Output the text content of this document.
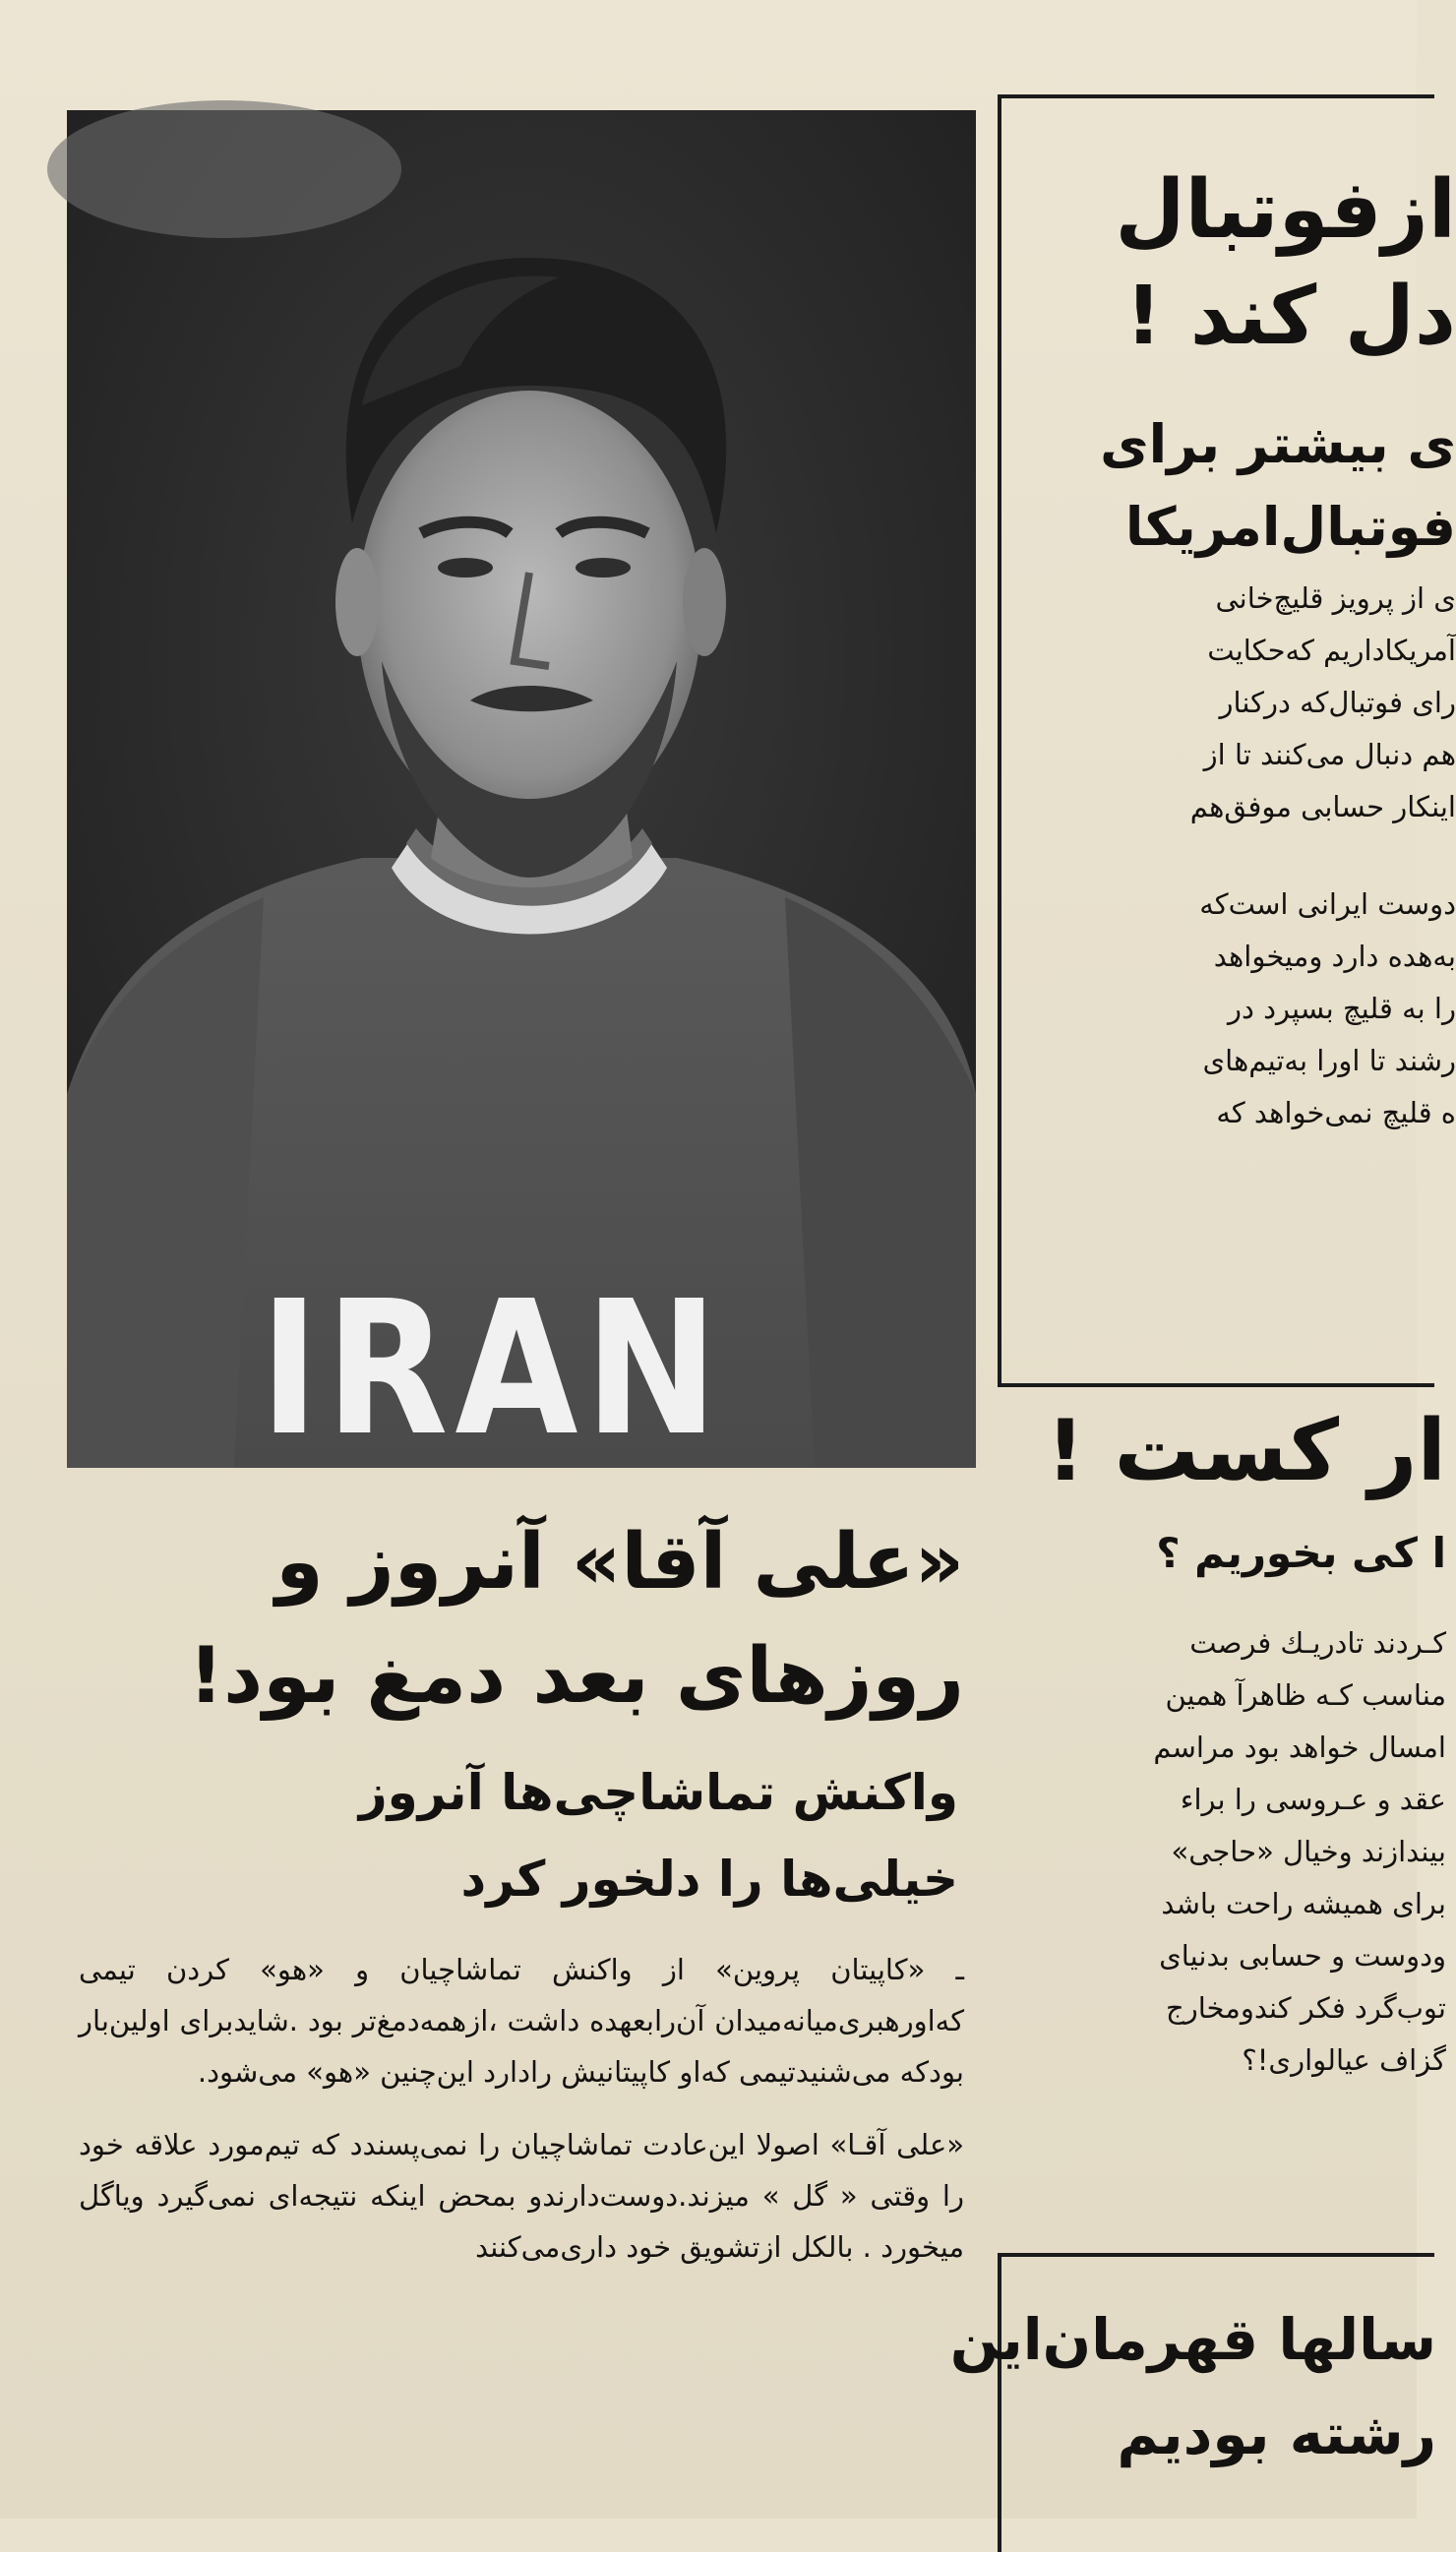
IRAN

«علی آقا» آنروز و

روزهای بعد دمغ بود!

واکنش تماشاچی‌ها آنروز

خیلی‌ها را دلخور کرد

ـ «کاپیتان پروین» از واکنش تماشاچیان و «هو» کردن تیمی که‌اورهبری‌میانه‌میدان آن‌رابعهده داشت ،ازهمه‌دمغ‌تر بود .شاید‌برای اولین‌بار بود‌که می‌شنید‌تیمی که‌او کاپیتانیش رادارد این‌چنین «هو» می‌شود.

«علی آقـا» اصولا این‌عادت تماشاچیان را نمی‌پسندد که تیم‌مورد علاقه خود را وقتی « گل » میزند.دوست‌دارند‌و بمحض اینکه نتیجه‌ای نمی‌گیرد و‌یاگل میخورد . بالکل ازتشویق خود داری‌می‌کنند

ازفوتبال

دل کند !

ی بیشتر برای

فوتبال‌امریکا

ی از پرویز قلیچ‌خانی

آمریکاداریم که‌حکایت

رای فوتبال‌که درکنار

هم دنبال می‌کنند تا از

اینکار حسابی موفق‌هم

دوست ایرانی است‌که

به‌هده دارد ومیخواهد

را به قلیچ بسپرد در

رشند تا اورا به‌تیم‌های

ه قلیچ نمی‌خواهد که

ار کست !

ا کی بخوریم ؟

کـردند تادریـك فرصت

مناسب کـه ظاهرآ همین

امسال خواهد بود مراسم

عقد و عـروسی را براء

بیندازند وخیال «حاجی»

برای همیشه راحت باشد

ودوست و حسابی بدنیای

توب‌گرد فکر کندومخارج

گزاف عیالواری!؟

سالها قهرمان‌این

رشته بودیم
